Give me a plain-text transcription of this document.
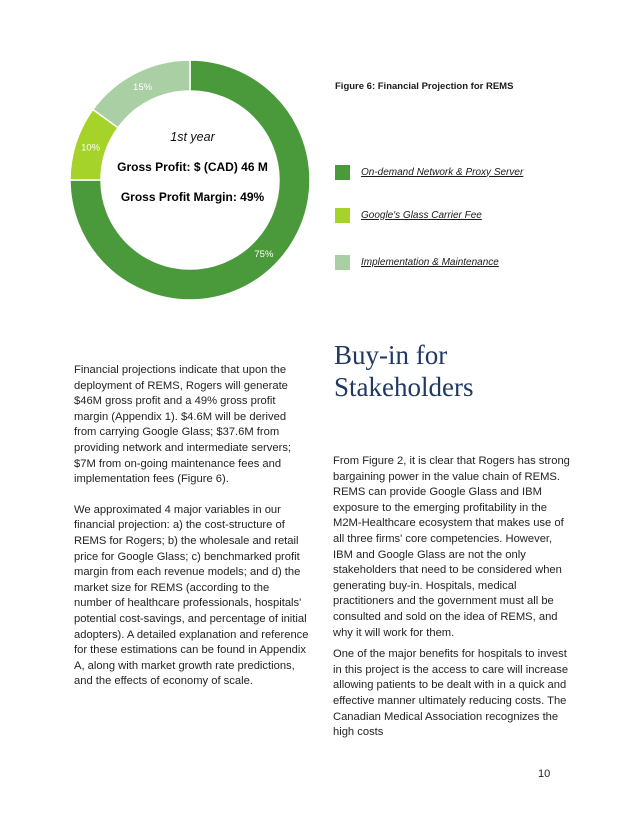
75%
10%
15%
1st year
Gross Profit: $ (CAD) 46 M
Gross Profit Margin: 49%
Figure 6: Financial Projection for REMS
On-demand Network & Proxy Server
Google's Glass Carrier Fee
Implementation & Maintenance
Buy-in for
Stakeholders

Financial projections indicate that upon the deployment of REMS, Rogers will generate $46M gross profit and a 49% gross profit margin (Appendix 1). $4.6M will be derived from carrying Google Glass; $37.6M from providing network and intermediate servers; $7M from on-going maintenance fees and implementation fees (Figure 6).

We approximated 4 major variables in our financial projection: a) the cost-structure of REMS for Rogers; b) the wholesale and retail price for Google Glass; c) benchmarked profit margin from each revenue models; and d) the market size for REMS (according to the number of healthcare professionals, hospitals' potential cost-savings, and percentage of initial adopters). A detailed explanation and reference for these estimations can be found in Appendix A, along with market growth rate predictions, and the effects of economy of scale.

From Figure 2, it is clear that Rogers has strong bargaining power in the value chain of REMS. REMS can provide Google Glass and IBM exposure to the emerging profitability in the M2M-Healthcare ecosystem that makes use of all three firms' core competencies. However, IBM and Google Glass are not the only stakeholders that need to be considered when generating buy-in. Hospitals, medical practitioners and the government must all be consulted and sold on the idea of REMS, and why it will work for them.

One of the major benefits for hospitals to invest in this project is the access to care will increase allowing patients to be dealt with in a quick and effective manner ultimately reducing costs. The Canadian Medical Association recognizes the high costs

10
